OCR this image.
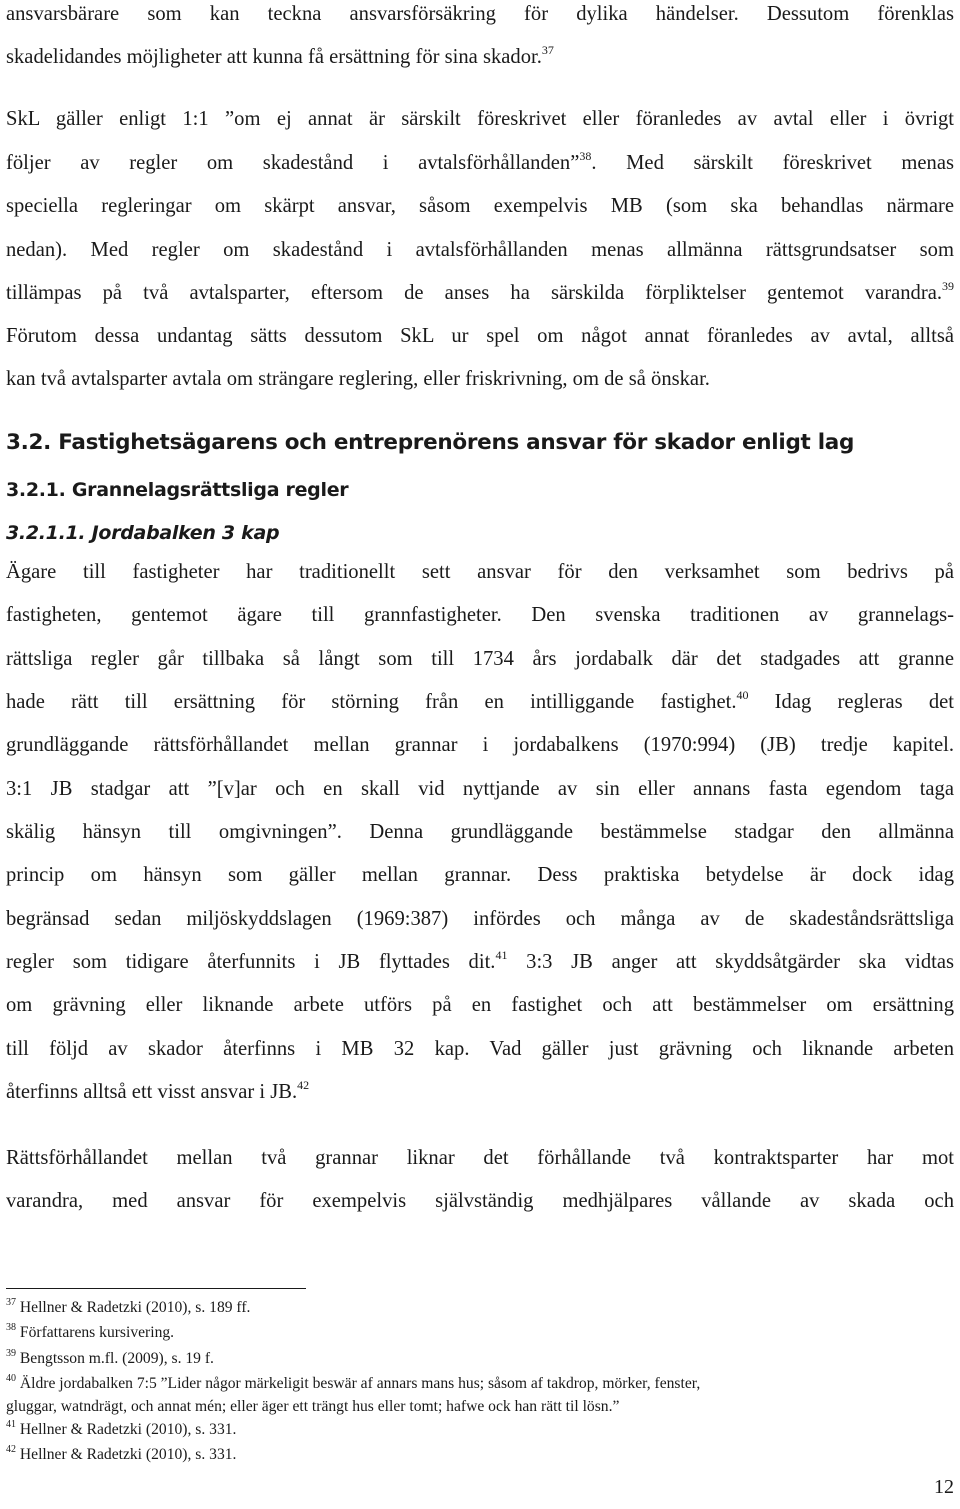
ansvarsbärare som kan teckna ansvarsförsäkring för dylika händelser. Dessutom förenklas
skadelidandes möjligheter att kunna få ersättning för sina skador.$^{37}$
SkL gäller enligt 1:1 ”om ej annat är särskilt föreskrivet eller föranledes av avtal eller i övrigt
följer av regler om skadestånd i avtalsförhållanden”$^{38}$. Med särskilt föreskrivet menas
speciella regleringar om skärpt ansvar, såsom exempelvis MB (som ska behandlas närmare
nedan). Med regler om skadestånd i avtalsförhållanden menas allmänna rättsgrundsatser som
tillämpas på två avtalsparter, eftersom de anses ha särskilda förpliktelser gentemot varandra.$^{39}$
Förutom dessa undantag sätts dessutom SkL ur spel om något annat föranledes av avtal, alltså
kan två avtalsparter avtala om strängare reglering, eller friskrivning, om de så önskar.
3.2. Fastighetsägarens och entreprenörens ansvar för skador enligt lag
3.2.1. Grannelagsrättsliga regler
3.2.1.1. Jordabalken 3 kap
Ägare till fastigheter har traditionellt sett ansvar för den verksamhet som bedrivs på
fastigheten, gentemot ägare till grannfastigheter. Den svenska traditionen av grannelags-
rättsliga regler går tillbaka så långt som till 1734 års jordabalk där det stadgades att granne
hade rätt till ersättning för störning från en intilliggande fastighet.$^{40}$ Idag regleras det
grundläggande rättsförhållandet mellan grannar i jordabalkens (1970:994) (JB) tredje kapitel.
3:1 JB stadgar att ”[v]ar och en skall vid nyttjande av sin eller annans fasta egendom taga
skälig hänsyn till omgivningen”. Denna grundläggande bestämmelse stadgar den allmänna
princip om hänsyn som gäller mellan grannar. Dess praktiska betydelse är dock idag
begränsad sedan miljöskyddslagen (1969:387) infördes och många av de skadeståndsrättsliga
regler som tidigare återfunnits i JB flyttades dit.$^{41}$ 3:3 JB anger att skyddsåtgärder ska vidtas
om grävning eller liknande arbete utförs på en fastighet och att bestämmelser om ersättning
till följd av skador återfinns i MB 32 kap. Vad gäller just grävning och liknande arbeten
återfinns alltså ett visst ansvar i JB.$^{42}$
Rättsförhållandet mellan två grannar liknar det förhållande två kontraktsparter har mot
varandra, med ansvar för exempelvis självständig medhjälpares vållande av skada och
$^{37}$ Hellner & Radetzki (2010), s. 189 ff.
$^{38}$ Författarens kursivering.
$^{39}$ Bengtsson m.fl. (2009), s. 19 f.
$^{40}$ Äldre jordabalken 7:5 ”Lider någor märkeligit beswär af annars mans hus; såsom af takdrop, mörker, fenster,
gluggar, watndrägt, och annat mén; eller äger ett trängt hus eller tomt; hafwe ock han rätt til lösn.”
$^{41}$ Hellner & Radetzki (2010), s. 331.
$^{42}$ Hellner & Radetzki (2010), s. 331.
12
